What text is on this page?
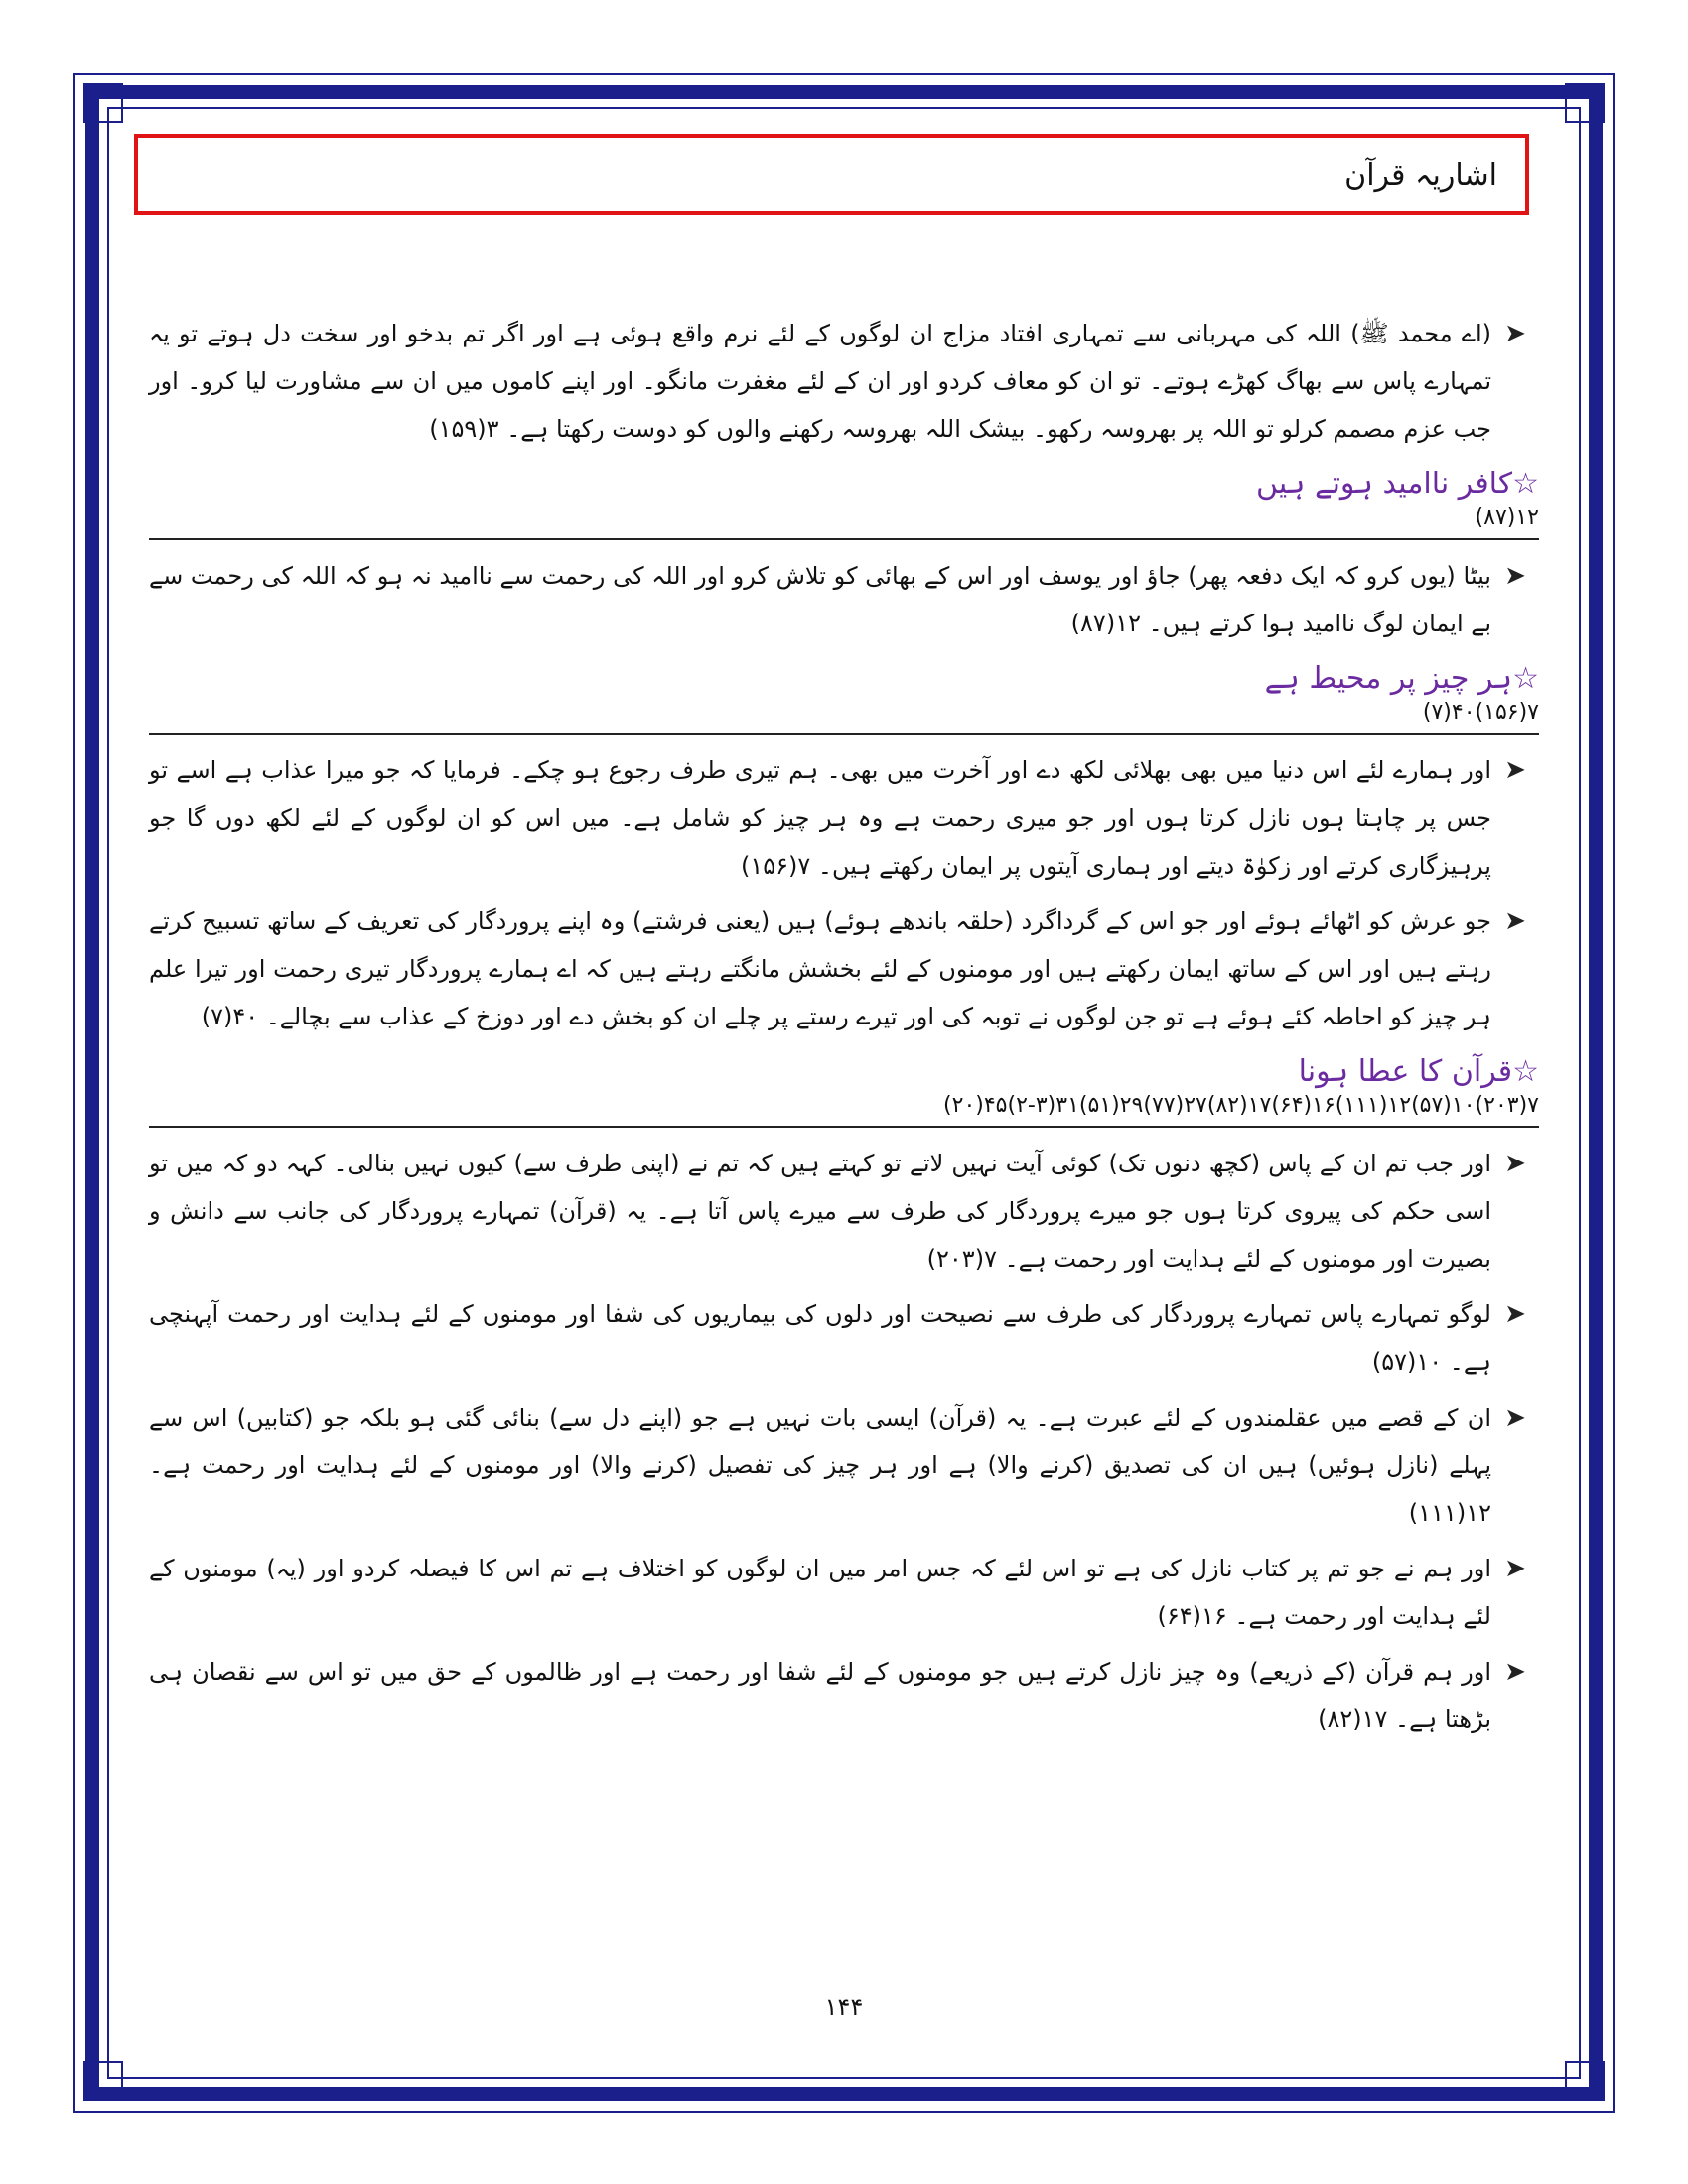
اشاریہ قرآن
➤
(اے محمد ﷺ) اللہ کی مہربانی سے تمہاری افتاد مزاج ان لوگوں کے لئے نرم واقع ہوئی ہے اور اگر تم بدخو اور سخت دل ہوتے تو یہ تمہارے پاس سے بھاگ کھڑے ہوتے۔ تو ان کو معاف کردو اور ان کے لئے مغفرت مانگو۔ اور اپنے کاموں میں ان سے مشاورت لیا کرو۔ اور جب عزم مصمم کرلو تو اللہ پر بھروسہ رکھو۔ بیشک اللہ بھروسہ رکھنے والوں کو دوست رکھتا ہے۔ ۳(۱۵۹)
☆کافر ناامید ہوتے ہیں
۱۲(۸۷)
➤
بیٹا (یوں کرو کہ ایک دفعہ پھر) جاؤ اور یوسف اور اس کے بھائی کو تلاش کرو اور اللہ کی رحمت سے ناامید نہ ہو کہ اللہ کی رحمت سے بے ایمان لوگ ناامید ہوا کرتے ہیں۔ ۱۲(۸۷)
☆ہر چیز پر محیط ہے
۷(۱۵۶)۴۰(۷)
➤
اور ہمارے لئے اس دنیا میں بھی بھلائی لکھ دے اور آخرت میں بھی۔ ہم تیری طرف رجوع ہو چکے۔ فرمایا کہ جو میرا عذاب ہے اسے تو جس پر چاہتا ہوں نازل کرتا ہوں اور جو میری رحمت ہے وہ ہر چیز کو شامل ہے۔ میں اس کو ان لوگوں کے لئے لکھ دوں گا جو پرہیزگاری کرتے اور زکوٰۃ دیتے اور ہماری آیتوں پر ایمان رکھتے ہیں۔ ۷(۱۵۶)
➤
جو عرش کو اٹھائے ہوئے اور جو اس کے گرداگرد (حلقہ باندھے ہوئے) ہیں (یعنی فرشتے) وہ اپنے پروردگار کی تعریف کے ساتھ تسبیح کرتے رہتے ہیں اور اس کے ساتھ ایمان رکھتے ہیں اور مومنوں کے لئے بخشش مانگتے رہتے ہیں کہ اے ہمارے پروردگار تیری رحمت اور تیرا علم ہر چیز کو احاطہ کئے ہوئے ہے تو جن لوگوں نے توبہ کی اور تیرے رستے پر چلے ان کو بخش دے اور دوزخ کے عذاب سے بچالے۔ ۴۰(۷)
☆قرآن کا عطا ہونا
۷(۲۰۳)۱۰(۵۷)۱۲(۱۱۱)۱۶(۶۴)۱۷(۸۲)۲۷(۷۷)۲۹(۵۱)۳۱(۲-۳)۴۵(۲۰)
➤
اور جب تم ان کے پاس (کچھ دنوں تک) کوئی آیت نہیں لاتے تو کہتے ہیں کہ تم نے (اپنی طرف سے) کیوں نہیں بنالی۔ کہہ دو کہ میں تو اسی حکم کی پیروی کرتا ہوں جو میرے پروردگار کی طرف سے میرے پاس آتا ہے۔ یہ (قرآن) تمہارے پروردگار کی جانب سے دانش و بصیرت اور مومنوں کے لئے ہدایت اور رحمت ہے۔ ۷(۲۰۳)
➤
لوگو تمہارے پاس تمہارے پروردگار کی طرف سے نصیحت اور دلوں کی بیماریوں کی شفا اور مومنوں کے لئے ہدایت اور رحمت آپہنچی ہے۔ ۱۰(۵۷)
➤
ان کے قصے میں عقلمندوں کے لئے عبرت ہے۔ یہ (قرآن) ایسی بات نہیں ہے جو (اپنے دل سے) بنائی گئی ہو بلکہ جو (کتابیں) اس سے پہلے (نازل ہوئیں) ہیں ان کی تصدیق (کرنے والا) ہے اور ہر چیز کی تفصیل (کرنے والا) اور مومنوں کے لئے ہدایت اور رحمت ہے۔ ۱۲(۱۱۱)
➤
اور ہم نے جو تم پر کتاب نازل کی ہے تو اس لئے کہ جس امر میں ان لوگوں کو اختلاف ہے تم اس کا فیصلہ کردو اور (یہ) مومنوں کے لئے ہدایت اور رحمت ہے۔ ۱۶(۶۴)
➤
اور ہم قرآن (کے ذریعے) وہ چیز نازل کرتے ہیں جو مومنوں کے لئے شفا اور رحمت ہے اور ظالموں کے حق میں تو اس سے نقصان ہی بڑھتا ہے۔ ۱۷(۸۲)
۱۴۴
